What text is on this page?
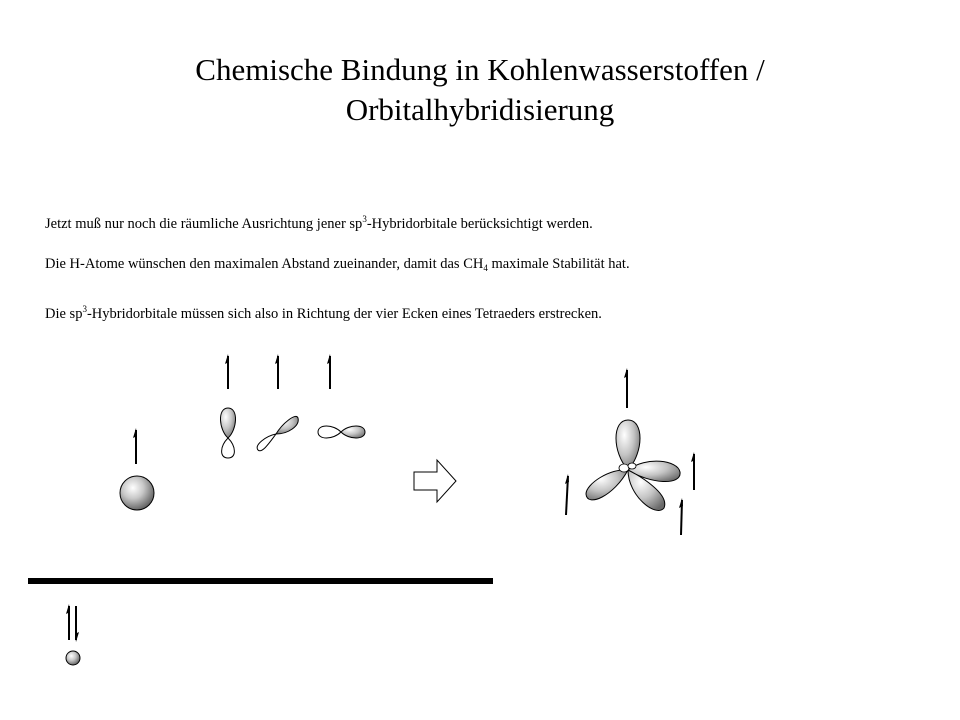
Chemische Bindung in Kohlenwasserstoffen /
Orbitalhybridisierung
Jetzt muß nur noch die räumliche Ausrichtung jener $sp^3$-Hybridorbitale berücksichtigt werden.
Die H-Atome wünschen den maximalen Abstand zueinander, damit das $CH_4$ maximale Stabilität hat.
Die $sp^3$-Hybridorbitale müssen sich also in Richtung der vier Ecken eines Tetraeders erstrecken.
